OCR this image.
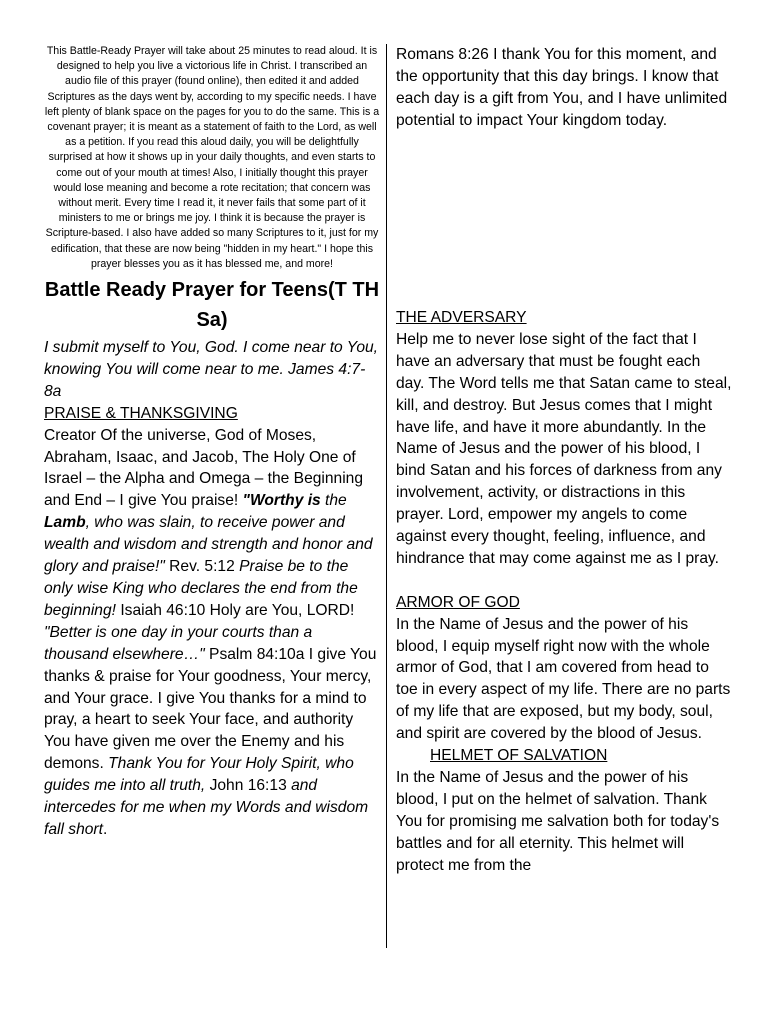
This Battle-Ready Prayer will take about 25 minutes to read aloud. It is designed to help you live a victorious life in Christ. I transcribed an audio file of this prayer (found online), then edited it and added Scriptures as the days went by, according to my specific needs. I have left plenty of blank space on the pages for you to do the same. This is a covenant prayer; it is meant as a statement of faith to the Lord, as well as a petition. If you read this aloud daily, you will be delightfully surprised at how it shows up in your daily thoughts, and even starts to come out of your mouth at times! Also, I initially thought this prayer would lose meaning and become a rote recitation; that concern was without merit. Every time I read it, it never fails that some part of it ministers to me or brings me joy. I think it is because the prayer is Scripture-based. I also have added so many Scriptures to it, just for my edification, that these are now being "hidden in my heart." I hope this prayer blesses you as it has blessed me, and more!

Battle Ready Prayer for Teens(T TH Sa)

I submit myself to You, God. I come near to You, knowing You will come near to me. James 4:7-8a

PRAISE & THANKSGIVING

Creator Of the universe, God of Moses, Abraham, Isaac, and Jacob, The Holy One of Israel – the Alpha and Omega – the Beginning and End – I give You praise! "Worthy is the Lamb, who was slain, to receive power and wealth and wisdom and strength and honor and glory and praise!" Rev. 5:12 Praise be to the only wise King who declares the end from the beginning! Isaiah 46:10 Holy are You, LORD! "Better is one day in your courts than a thousand elsewhere…" Psalm 84:10a I give You thanks & praise for Your goodness, Your mercy, and Your grace. I give You thanks for a mind to pray, a heart to seek Your face, and authority You have given me over the Enemy and his demons. Thank You for Your Holy Spirit, who guides me into all truth, John 16:13 and intercedes for me when my Words and wisdom fall short.

Romans 8:26 I thank You for this moment, and the opportunity that this day brings. I know that each day is a gift from You, and I have unlimited potential to impact Your kingdom today.

THE ADVERSARY

Help me to never lose sight of the fact that I have an adversary that must be fought each day. The Word tells me that Satan came to steal, kill, and destroy. But Jesus comes that I might have life, and have it more abundantly. In the Name of Jesus and the power of his blood, I bind Satan and his forces of darkness from any involvement, activity, or distractions in this prayer. Lord, empower my angels to come against every thought, feeling, influence, and hindrance that may come against me as I pray.

ARMOR OF GOD

In the Name of Jesus and the power of his blood, I equip myself right now with the whole armor of God, that I am covered from head to toe in every aspect of my life. There are no parts of my life that are exposed, but my body, soul, and spirit are covered by the blood of Jesus.

HELMET OF SALVATION

In the Name of Jesus and the power of his blood, I put on the helmet of salvation. Thank You for promising me salvation both for today's battles and for all eternity. This helmet will protect me from the
